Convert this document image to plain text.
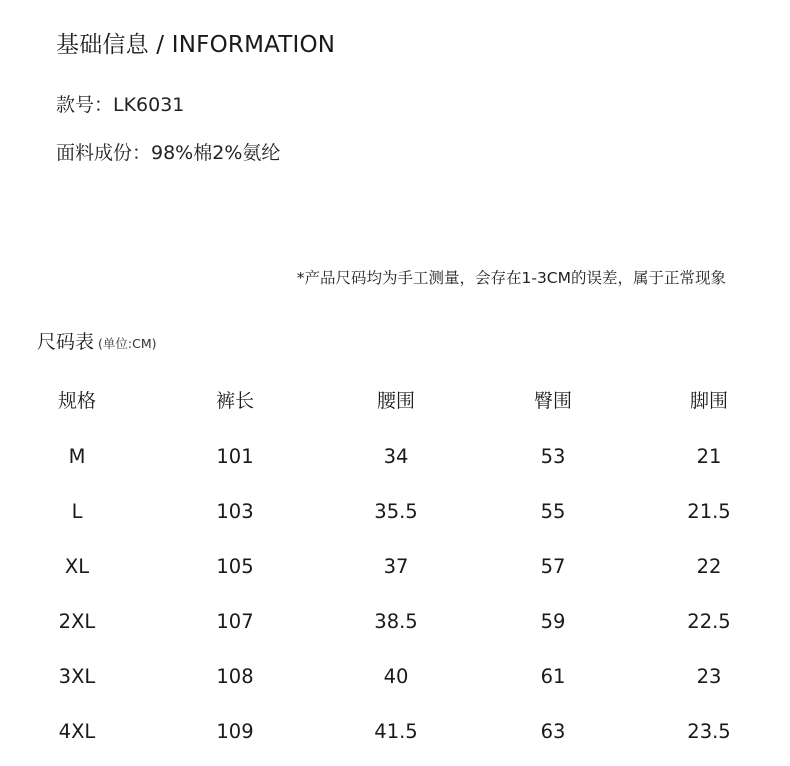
基础信息 / INFORMATION
款号：LK6031
面料成份：98%棉2%氨纶
*产品尺码均为手工测量，会存在1-3CM的误差，属于正常现象
尺码表 (单位:CM)
规格	裤长	腰围	臀围	脚围
M	101	34	53	21
L	103	35.5	55	21.5
XL	105	37	57	22
2XL	107	38.5	59	22.5
3XL	108	40	61	23
4XL	109	41.5	63	23.5
